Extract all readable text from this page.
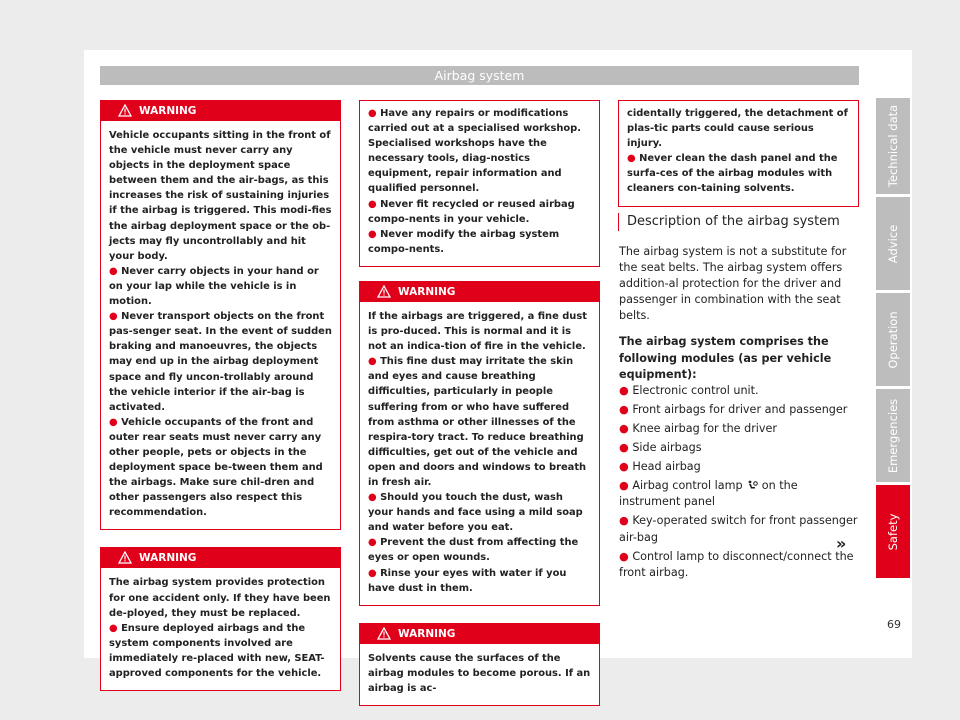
Airbag system
WARNING

Vehicle occupants sitting in the front of the vehicle must never carry any objects in the deployment space between them and the air-bags, as this increases the risk of sustaining injuries if the airbag is triggered. This modi-fies the airbag deployment space or the ob-jects may fly uncontrollably and hit your body.

● Never carry objects in your hand or on your lap while the vehicle is in motion.

● Never transport objects on the front pas-senger seat. In the event of sudden braking and manoeuvres, the objects may end up in the airbag deployment space and fly uncon-trollably around the vehicle interior if the air-bag is activated.

● Vehicle occupants of the front and outer rear seats must never carry any other people, pets or objects in the deployment space be-tween them and the airbags. Make sure chil-dren and other passengers also respect this recommendation.

WARNING

The airbag system provides protection for one accident only. If they have been de-ployed, they must be replaced.

● Ensure deployed airbags and the system components involved are immediately re-placed with new, SEAT-approved components for the vehicle.

● Have any repairs or modifications carried out at a specialised workshop. Specialised workshops have the necessary tools, diag-nostics equipment, repair information and qualified personnel.

● Never fit recycled or reused airbag compo-nents in your vehicle.

● Never modify the airbag system compo-nents.

WARNING

If the airbags are triggered, a fine dust is pro-duced. This is normal and it is not an indica-tion of fire in the vehicle.

● This fine dust may irritate the skin and eyes and cause breathing difficulties, particularly in people suffering from or who have suffered from asthma or other illnesses of the respira-tory tract. To reduce breathing difficulties, get out of the vehicle and open and doors and windows to breath in fresh air.

● Should you touch the dust, wash your hands and face using a mild soap and water before you eat.

● Prevent the dust from affecting the eyes or open wounds.

● Rinse your eyes with water if you have dust in them.

WARNING

Solvents cause the surfaces of the airbag modules to become porous. If an airbag is ac-

cidentally triggered, the detachment of plas-tic parts could cause serious injury.

● Never clean the dash panel and the surfa-ces of the airbag modules with cleaners con-taining solvents.

Description of the airbag system

The airbag system is not a substitute for the seat belts. The airbag system offers addition-al protection for the driver and passenger in combination with the seat belts.

The airbag system comprises the following modules (as per vehicle equipment):

● Electronic control unit.

● Front airbags for driver and passenger

● Knee airbag for the driver

● Side airbags

● Head airbag

● Airbag control lamp on the instrument panel

● Key-operated switch for front passenger air-bag

● Control lamp to disconnect/connect the front airbag.

»
Technical data
Advice
Operation
Emergencies
Safety
69
